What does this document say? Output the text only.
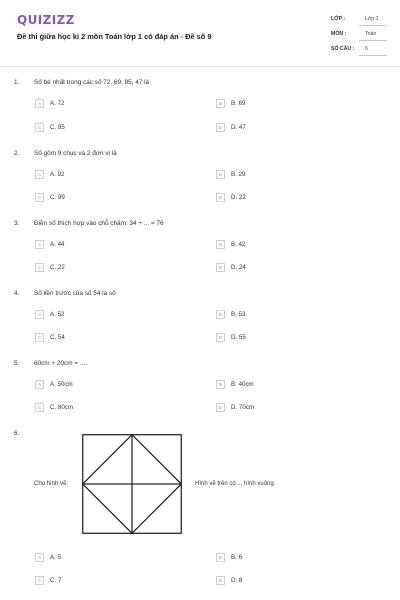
QUIZIZZ
Đề thi giữa học kì 2 môn Toán lớp 1 có đáp án - Đề số 9
LỚP :	Lớp 1
MÔN :	Toán
SỐ CÂU : 6
1. Số bé nhất trong các số 72, 69, 85, 47 là
A	A. 72	B	B. 69
C	C. 85	D	D. 47
2. Số gồm 9 chục và 2 đơn vị là
A	A. 92	B	B. 29
C	C. 99	D	D. 22
3. Điền số thích hợp vào chỗ chấm: 34 + ... = 76
A	A. 44	B	B. 42
C	C. 22	D	D. 24
4. Số liền trước của số 54 là số
A	A. 52	B	B. 53
C	C. 54	D	D. 55
5. 60cm + 20cm = .....
A	A. 50cm	B	B. 40cm
C	C. 80cm	D	D. 70cm
6.
Cho hình vẽ:	Hình vẽ trên có ... hình vuông.
A	A. 5	B	B. 6
C	C. 7	D	D. 8
